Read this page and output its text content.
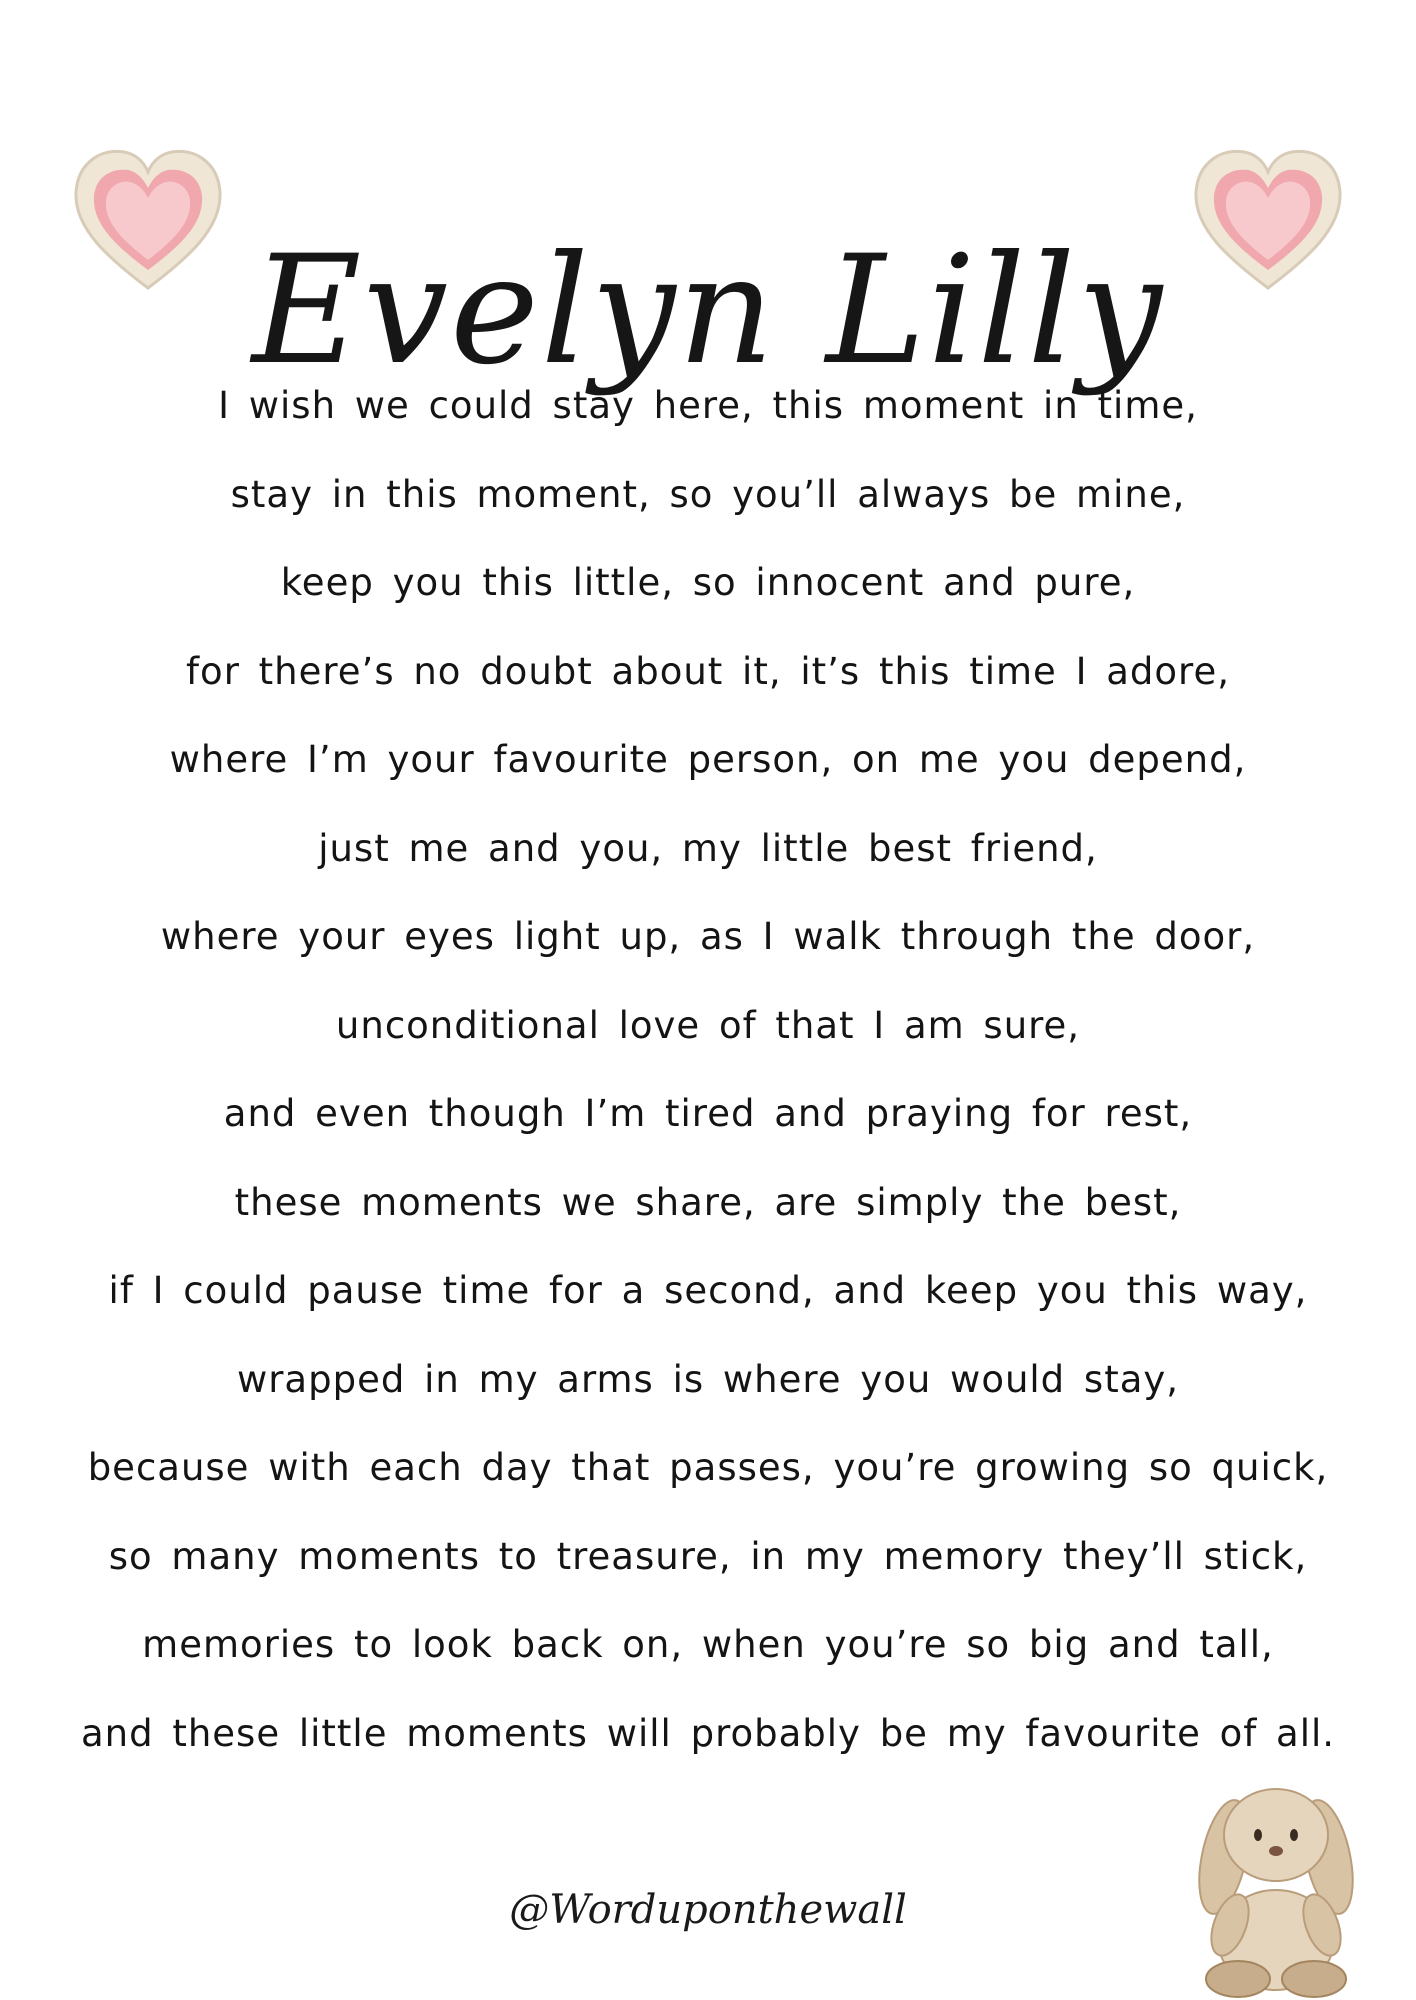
Evelyn Lilly
I wish we could stay here, this moment in time,
stay in this moment, so you’ll always be mine,
keep you this little, so innocent and pure,
for there’s no doubt about it, it’s this time I adore,
where I’m your favourite person, on me you depend,
just me and you, my little best friend,
where your eyes light up, as I walk through the door,
unconditional love of that I am sure,
and even though I’m tired and praying for rest,
these moments we share, are simply the best,
if I could pause time for a second, and keep you this way,
wrapped in my arms is where you would stay,
because with each day that passes, you’re growing so quick,
so many moments to treasure, in my memory they’ll stick,
memories to look back on, when you’re so big and tall,
and these little moments will probably be my favourite of all.
@Worduponthewall
